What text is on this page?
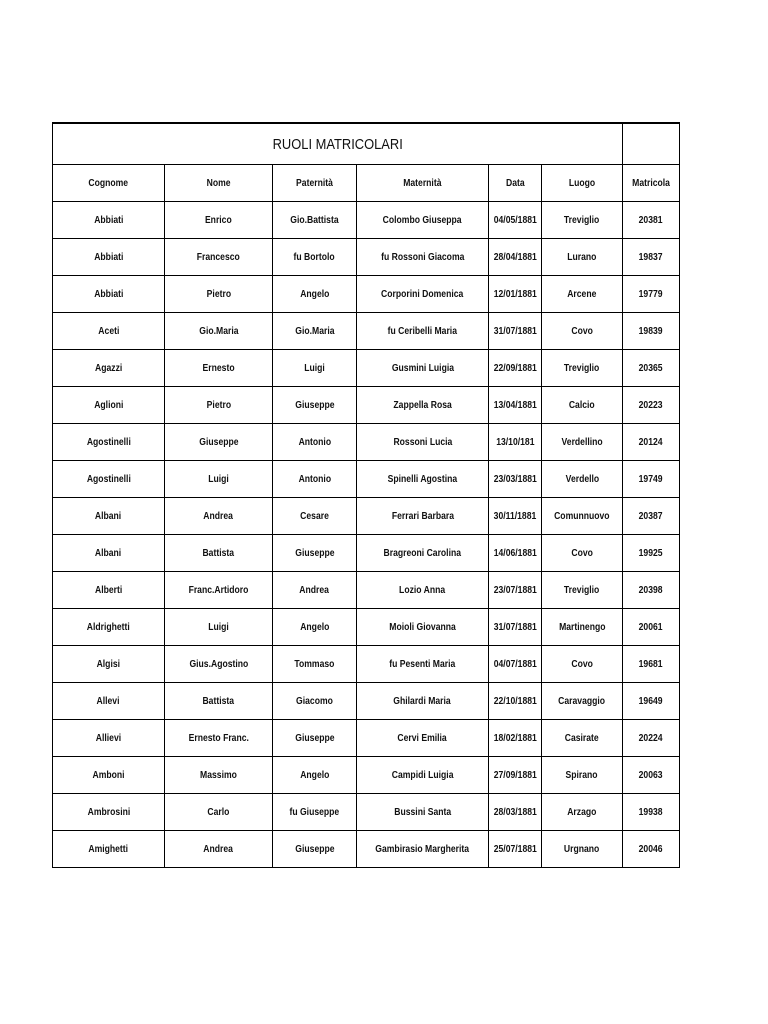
RUOLI MATRICOLARI						
Cognome	Nome	Paternità	Maternità	Data	Luogo	Matricola
Abbiati	Enrico	Gio.Battista	Colombo Giuseppa	04/05/1881	Treviglio	20381
Abbiati	Francesco	fu Bortolo	fu Rossoni Giacoma	28/04/1881	Lurano	19837
Abbiati	Pietro	Angelo	Corporini Domenica	12/01/1881	Arcene	19779
Aceti	Gio.Maria	Gio.Maria	fu Ceribelli Maria	31/07/1881	Covo	19839
Agazzi	Ernesto	Luigi	Gusmini Luigia	22/09/1881	Treviglio	20365
Aglioni	Pietro	Giuseppe	Zappella Rosa	13/04/1881	Calcio	20223
Agostinelli	Giuseppe	Antonio	Rossoni Lucia	13/10/181	Verdellino	20124
Agostinelli	Luigi	Antonio	Spinelli Agostina	23/03/1881	Verdello	19749
Albani	Andrea	Cesare	Ferrari Barbara	30/11/1881	Comunnuovo	20387
Albani	Battista	Giuseppe	Bragreoni Carolina	14/06/1881	Covo	19925
Alberti	Franc.Artidoro	Andrea	Lozio Anna	23/07/1881	Treviglio	20398
Aldrighetti	Luigi	Angelo	Moioli Giovanna	31/07/1881	Martinengo	20061
Algisi	Gius.Agostino	Tommaso	fu Pesenti Maria	04/07/1881	Covo	19681
Allevi	Battista	Giacomo	Ghilardi Maria	22/10/1881	Caravaggio	19649
Allievi	Ernesto Franc.	Giuseppe	Cervi Emilia	18/02/1881	Casirate	20224
Amboni	Massimo	Angelo	Campidi Luigia	27/09/1881	Spirano	20063
Ambrosini	Carlo	fu Giuseppe	Bussini Santa	28/03/1881	Arzago	19938
Amighetti	Andrea	Giuseppe	Gambirasio Margherita	25/07/1881	Urgnano	20046
